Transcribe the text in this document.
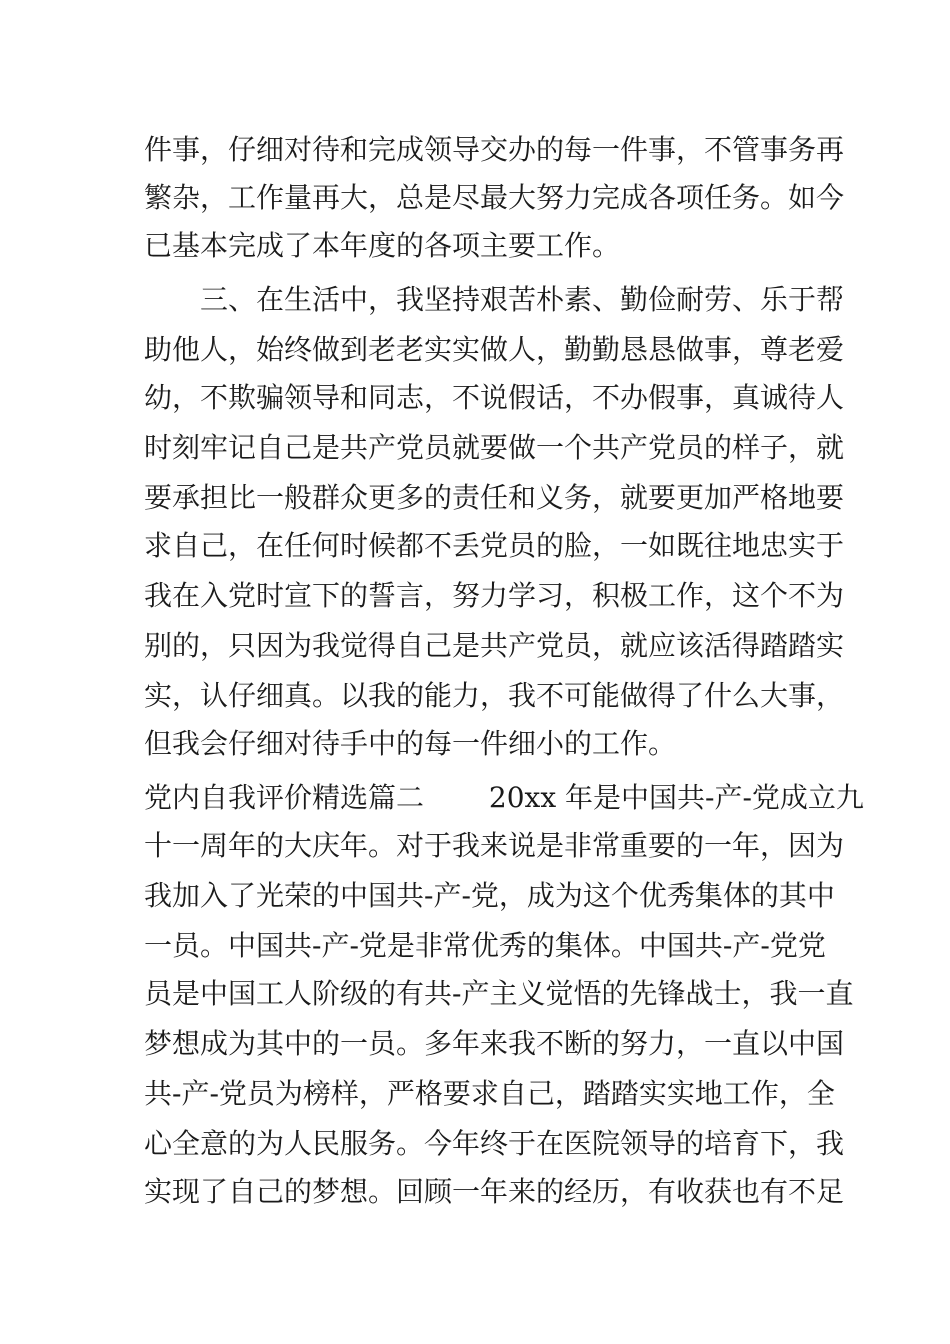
件事，仔细对待和完成领导交办的每一件事，不管事务再
繁杂，工作量再大，总是尽最大努力完成各项任务。如今
已基本完成了本年度的各项主要工作。
三、在生活中，我坚持艰苦朴素、勤俭耐劳、乐于帮
助他人，始终做到老老实实做人，勤勤恳恳做事，尊老爱
幼，不欺骗领导和同志，不说假话，不办假事，真诚待人
时刻牢记自己是共产党员就要做一个共产党员的样子，就
要承担比一般群众更多的责任和义务，就要更加严格地要
求自己，在任何时候都不丢党员的脸，一如既往地忠实于
我在入党时宣下的誓言，努力学习，积极工作，这个不为
别的，只因为我觉得自己是共产党员，就应该活得踏踏实
实，认仔细真。以我的能力，我不可能做得了什么大事，
但我会仔细对待手中的每一件细小的工作。
党内自我评价精选篇二　　 20xx 年是中国共-产-党成立九
十一周年的大庆年。对于我来说是非常重要的一年，因为
我加入了光荣的中国共-产-党，成为这个优秀集体的其中
一员。中国共-产-党是非常优秀的集体。中国共-产-党党
员是中国工人阶级的有共-产主义觉悟的先锋战士，我一直
梦想成为其中的一员。多年来我不断的努力，一直以中国
共-产-党员为榜样，严格要求自己，踏踏实实地工作，全
心全意的为人民服务。今年终于在医院领导的培育下，我
实现了自己的梦想。回顾一年来的经历，有收获也有不足
